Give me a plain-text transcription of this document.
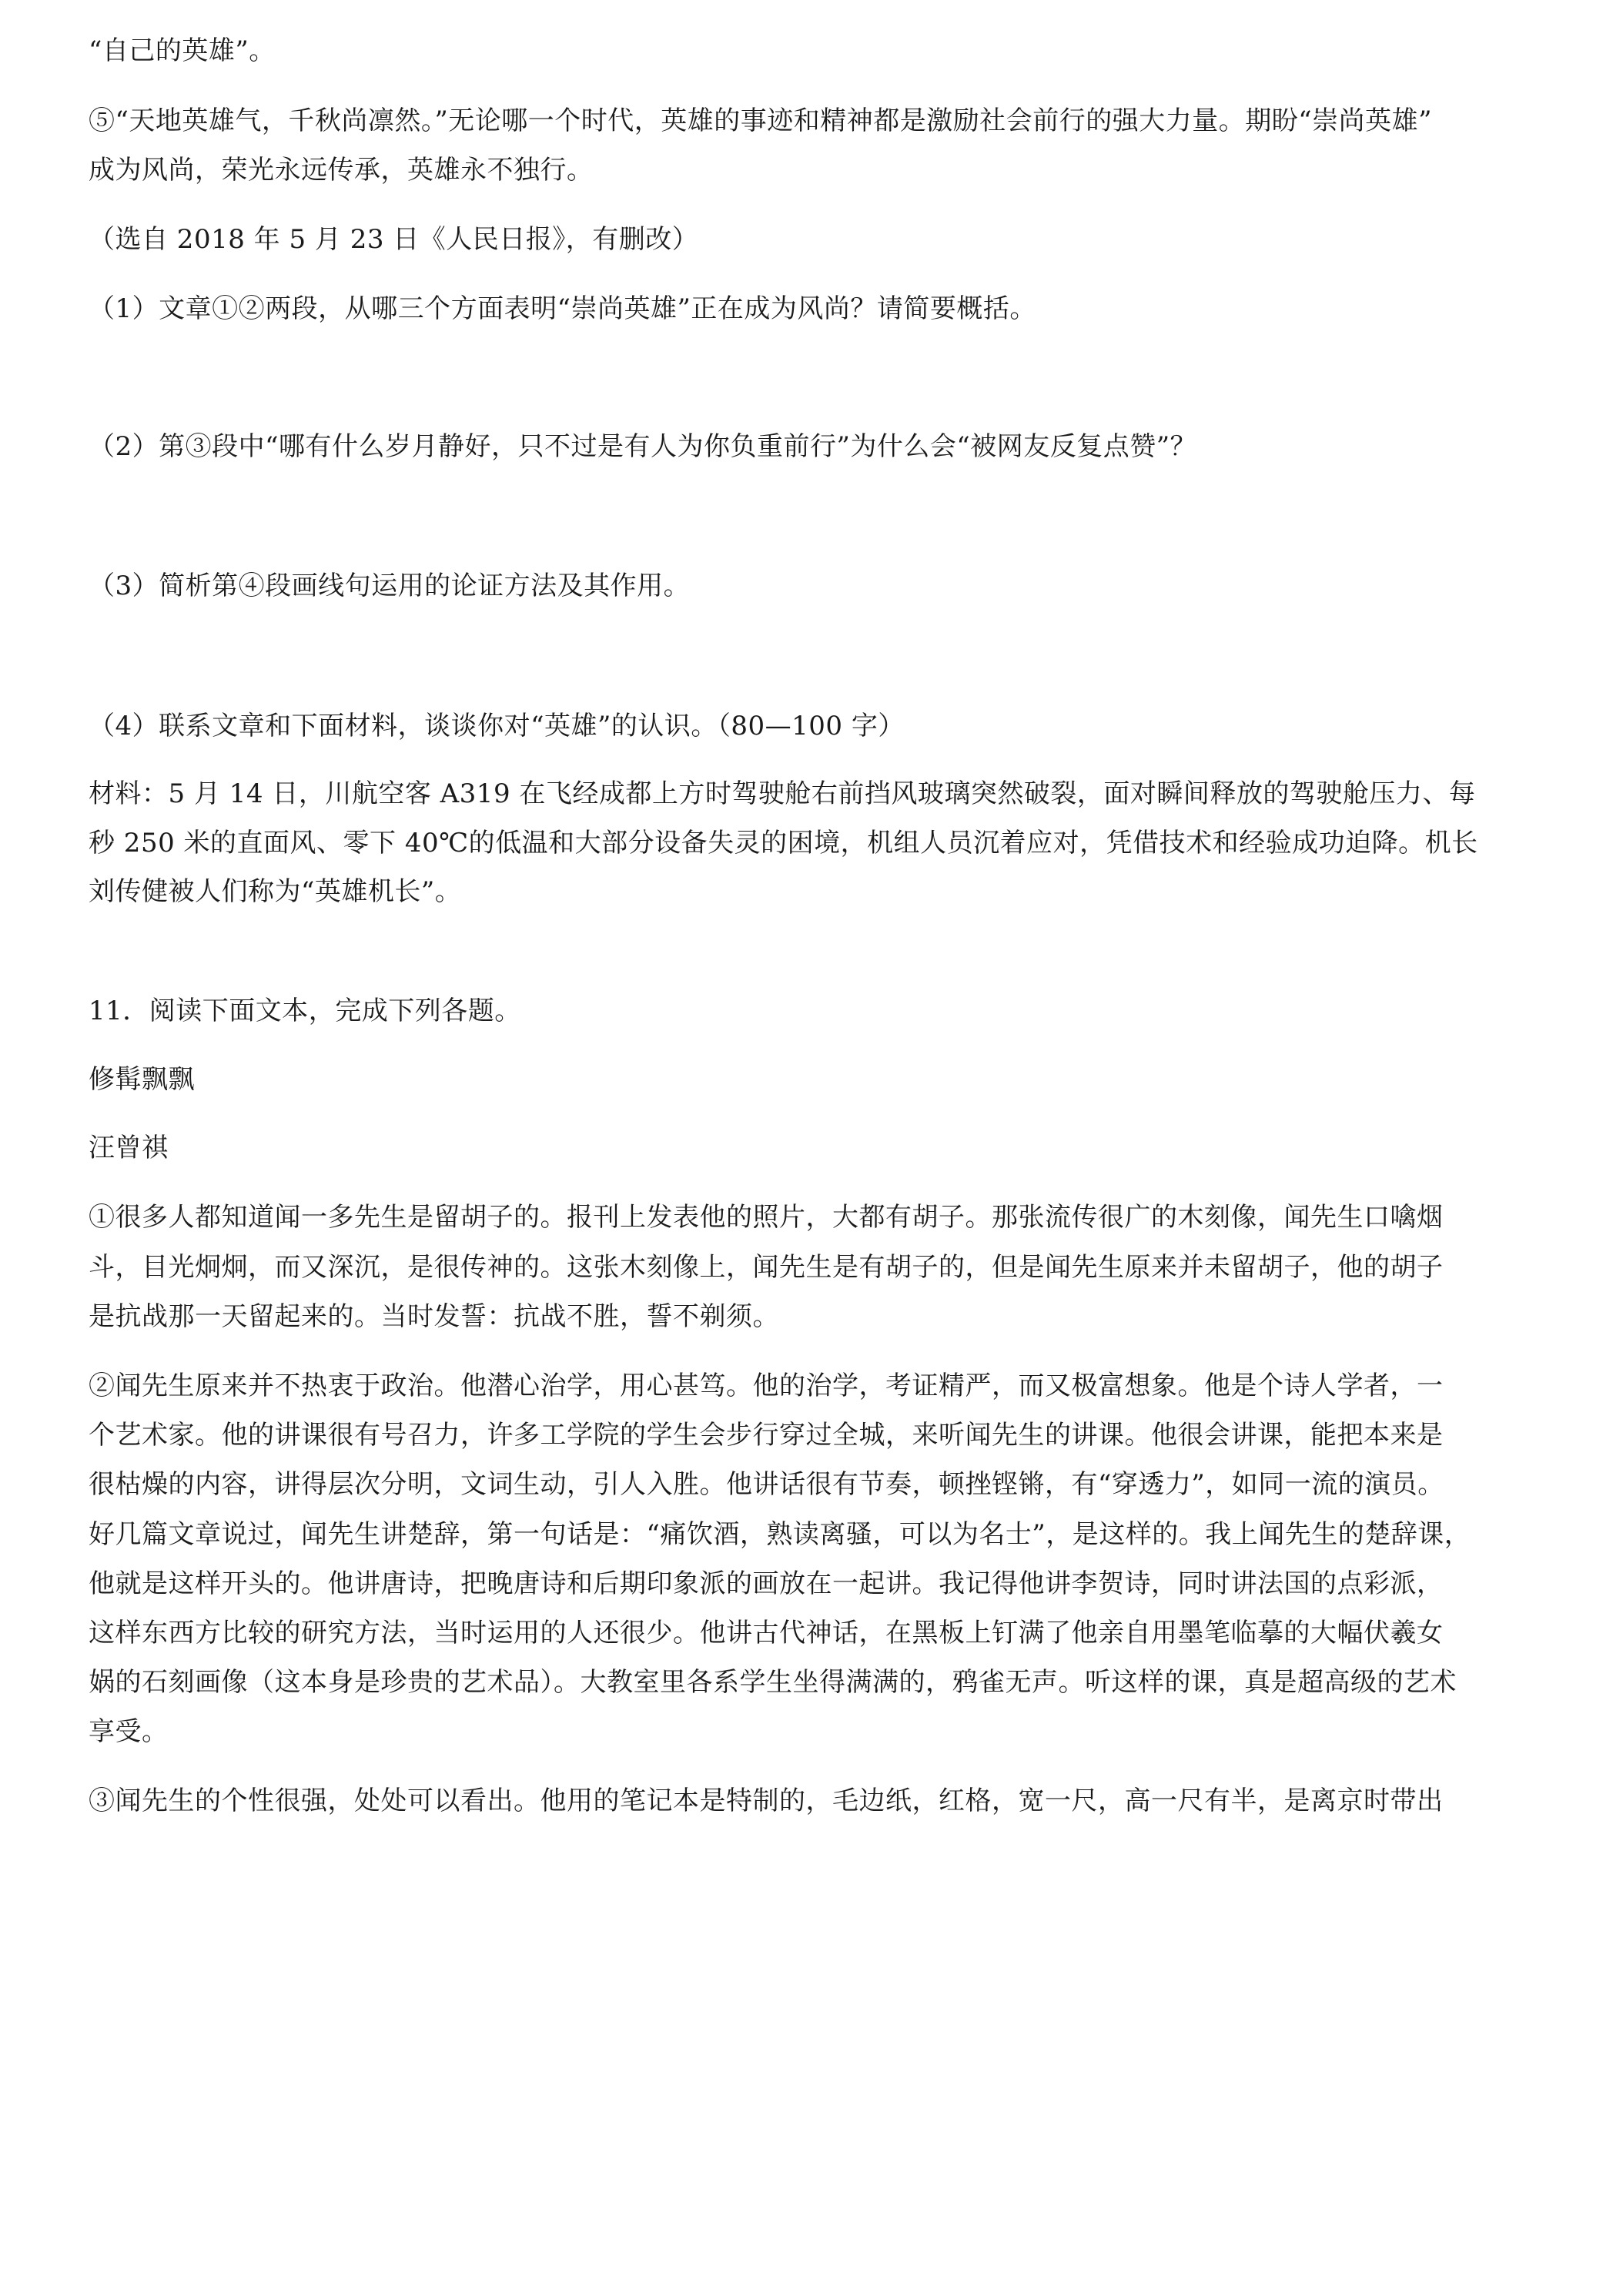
“自己的英雄”。
⑤“天地英雄气，千秋尚凛然。”无论哪一个时代，英雄的事迹和精神都是激励社会前行的强大力量。期盼“崇尚英雄”
成为风尚，荣光永远传承，英雄永不独行。
（选自 2018 年 5 月 23 日《人民日报》，有删改）
（1）文章①②两段，从哪三个方面表明“崇尚英雄”正在成为风尚？请简要概括。
（2）第③段中“哪有什么岁月静好，只不过是有人为你负重前行”为什么会“被网友反复点赞”？
（3）简析第④段画线句运用的论证方法及其作用。
（4）联系文章和下面材料，谈谈你对“英雄”的认识。（80—100 字）
材料：5 月 14 日，川航空客 A319 在飞经成都上方时驾驶舱右前挡风玻璃突然破裂，面对瞬间释放的驾驶舱压力、每
秒 250 米的直面风、零下 40℃的低温和大部分设备失灵的困境，机组人员沉着应对，凭借技术和经验成功迫降。机长
刘传健被人们称为“英雄机长”。
11．阅读下面文本，完成下列各题。
修髯飘飘
汪曾祺
①很多人都知道闻一多先生是留胡子的。报刊上发表他的照片，大都有胡子。那张流传很广的木刻像，闻先生口噙烟
斗，目光炯炯，而又深沉，是很传神的。这张木刻像上，闻先生是有胡子的，但是闻先生原来并未留胡子，他的胡子
是抗战那一天留起来的。当时发誓：抗战不胜，誓不剃须。
②闻先生原来并不热衷于政治。他潜心治学，用心甚笃。他的治学，考证精严，而又极富想象。他是个诗人学者，一
个艺术家。他的讲课很有号召力，许多工学院的学生会步行穿过全城，来听闻先生的讲课。他很会讲课，能把本来是
很枯燥的内容，讲得层次分明，文词生动，引人入胜。他讲话很有节奏，顿挫铿锵，有“穿透力”，如同一流的演员。
好几篇文章说过，闻先生讲楚辞，第一句话是：“痛饮酒，熟读离骚，可以为名士”，是这样的。我上闻先生的楚辞课，
他就是这样开头的。他讲唐诗，把晚唐诗和后期印象派的画放在一起讲。我记得他讲李贺诗，同时讲法国的点彩派，
这样东西方比较的研究方法，当时运用的人还很少。他讲古代神话，在黑板上钉满了他亲自用墨笔临摹的大幅伏羲女
娲的石刻画像（这本身是珍贵的艺术品）。大教室里各系学生坐得满满的，鸦雀无声。听这样的课，真是超高级的艺术
享受。
③闻先生的个性很强，处处可以看出。他用的笔记本是特制的，毛边纸，红格，宽一尺，高一尺有半，是离京时带出
